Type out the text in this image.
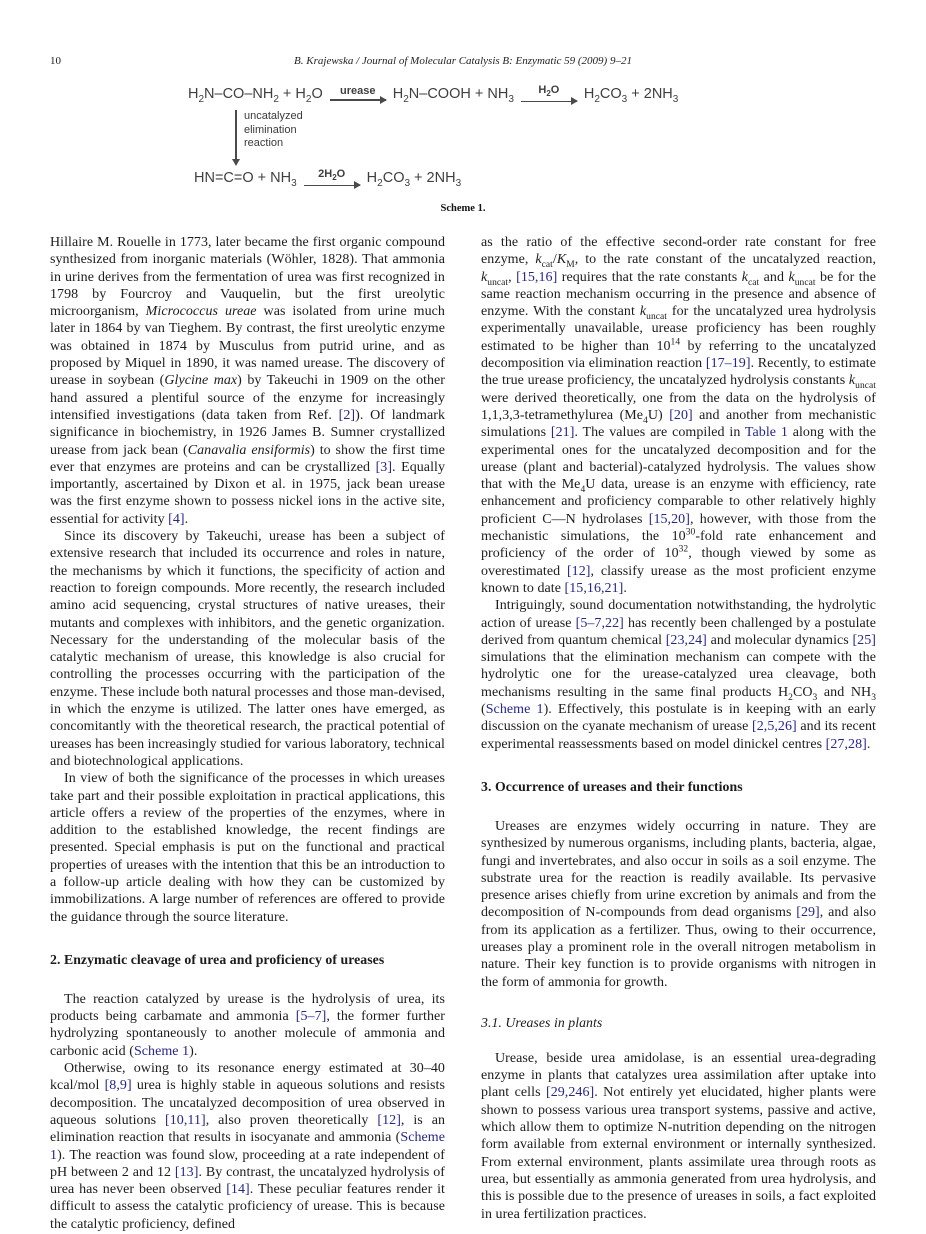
10	B. Krajewska / Journal of Molecular Catalysis B: Enzymatic 59 (2009) 9–21
$H_2N-CO-NH_2 + H_2O$ urease $H_2N$–COOH + $NH_3$
$H_2O$ $H_2CO_3 + 2NH_3$
uncatalyzed
elimination
reaction
$HN=C=O + NH_3$
$2H_2O$ $H_2CO_3 + 2NH_3$
Scheme 1.

Hillaire M. Rouelle in 1773, later became the first organic compound synthesized from inorganic materials (Wöhler, 1828). That ammonia in urine derives from the fermentation of urea was first recognized in 1798 by Fourcroy and Vauquelin, but the first ureolytic microorganism, Micrococcus ureae was isolated from urine much later in 1864 by van Tieghem. By contrast, the first ureolytic enzyme was obtained in 1874 by Musculus from putrid urine, and as proposed by Miquel in 1890, it was named urease. The discovery of urease in soybean (Glycine max) by Takeuchi in 1909 on the other hand assured a plentiful source of the enzyme for increasingly intensified investigations (data taken from Ref. [2]). Of landmark significance in biochemistry, in 1926 James B. Sumner crystallized urease from jack bean (Canavalia ensiformis) to show the first time ever that enzymes are proteins and can be crystallized [3]. Equally importantly, ascertained by Dixon et al. in 1975, jack bean urease was the first enzyme shown to possess nickel ions in the active site, essential for activity [4].

Since its discovery by Takeuchi, urease has been a subject of extensive research that included its occurrence and roles in nature, the mechanisms by which it functions, the specificity of action and reaction to foreign compounds. More recently, the research included amino acid sequencing, crystal structures of native ureases, their mutants and complexes with inhibitors, and the genetic organization. Necessary for the understanding of the molecular basis of the catalytic mechanism of urease, this knowledge is also crucial for controlling the processes occurring with the participation of the enzyme. These include both natural processes and those man-devised, in which the enzyme is utilized. The latter ones have emerged, as concomitantly with the theoretical research, the practical potential of ureases has been increasingly studied for various laboratory, technical and biotechnological applications.

In view of both the significance of the processes in which ureases take part and their possible exploitation in practical applications, this article offers a review of the properties of the enzymes, where in addition to the established knowledge, the recent findings are presented. Special emphasis is put on the functional and practical properties of ureases with the intention that this be an introduction to a follow-up article dealing with how they can be customized by immobilizations. A large number of references are offered to provide the guidance through the source literature.

2. Enzymatic cleavage of urea and proficiency of ureases

The reaction catalyzed by urease is the hydrolysis of urea, its products being carbamate and ammonia [5–7], the former further hydrolyzing spontaneously to another molecule of ammonia and carbonic acid (Scheme 1).

Otherwise, owing to its resonance energy estimated at 30–40 kcal/mol [8,9] urea is highly stable in aqueous solutions and resists decomposition. The uncatalyzed decomposition of urea observed in aqueous solutions [10,11], also proven theoretically [12], is an elimination reaction that results in isocyanate and ammonia (Scheme 1). The reaction was found slow, proceeding at a rate independent of pH between 2 and 12 [13]. By contrast, the uncatalyzed hydrolysis of urea has never been observed [14]. These peculiar features render it difficult to assess the catalytic proficiency of urease. This is because the catalytic proficiency, defined

as the ratio of the effective second-order rate constant for free enzyme, $k_{cat}/K_M$, to the rate constant of the uncatalyzed reaction, $k_{uncat}$, [15,16] requires that the rate constants $k_{cat}$ and $k_{uncat}$ be for the same reaction mechanism occurring in the presence and absence of enzyme. With the constant $k_{uncat}$ for the uncatalyzed urea hydrolysis experimentally unavailable, urease proficiency has been roughly estimated to be higher than $10^{14}$ by referring to the uncatalyzed decomposition via elimination reaction [17–19]. Recently, to estimate the true urease proficiency, the uncatalyzed hydrolysis constants $k_{uncat}$ were derived theoretically, one from the data on the hydrolysis of 1,1,3,3-tetramethylurea $(Me_4U)$ [20] and another from mechanistic simulations [21]. The values are compiled in Table 1 along with the experimental ones for the uncatalyzed decomposition and for the urease (plant and bacterial)-catalyzed hydrolysis. The values show that with the $Me_4U$ data, urease is an enzyme with efficiency, rate enhancement and proficiency comparable to other relatively highly proficient C—N hydrolases [15,20], however, with those from the mechanistic simulations, the $10^{30}$-fold rate enhancement and proficiency of the order of $10^{32}$, though viewed by some as overestimated [12], classify urease as the most proficient enzyme known to date [15,16,21].

Intriguingly, sound documentation notwithstanding, the hydrolytic action of urease [5–7,22] has recently been challenged by a postulate derived from quantum chemical [23,24] and molecular dynamics [25] simulations that the elimination mechanism can compete with the hydrolytic one for the urease-catalyzed urea cleavage, both mechanisms resulting in the same final products $H_2CO_3$ and $NH_3$ (Scheme 1). Effectively, this postulate is in keeping with an early discussion on the cyanate mechanism of urease [2,5,26] and its recent experimental reassessments based on model dinickel centres [27,28].

3. Occurrence of ureases and their functions

Ureases are enzymes widely occurring in nature. They are synthesized by numerous organisms, including plants, bacteria, algae, fungi and invertebrates, and also occur in soils as a soil enzyme. The substrate urea for the reaction is readily available. Its pervasive presence arises chiefly from urine excretion by animals and from the decomposition of N-compounds from dead organisms [29], and also from its application as a fertilizer. Thus, owing to their occurrence, ureases play a prominent role in the overall nitrogen metabolism in nature. Their key function is to provide organisms with nitrogen in the form of ammonia for growth.

3.1. Ureases in plants

Urease, beside urea amidolase, is an essential urea-degrading enzyme in plants that catalyzes urea assimilation after uptake into plant cells [29,246]. Not entirely yet elucidated, higher plants were shown to possess various urea transport systems, passive and active, which allow them to optimize N-nutrition depending on the nitrogen form available from external environment or internally synthesized. From external environment, plants assimilate urea through roots as urea, but essentially as ammonia generated from urea hydrolysis, and this is possible due to the presence of ureases in soils, a fact exploited in urea fertilization practices.
